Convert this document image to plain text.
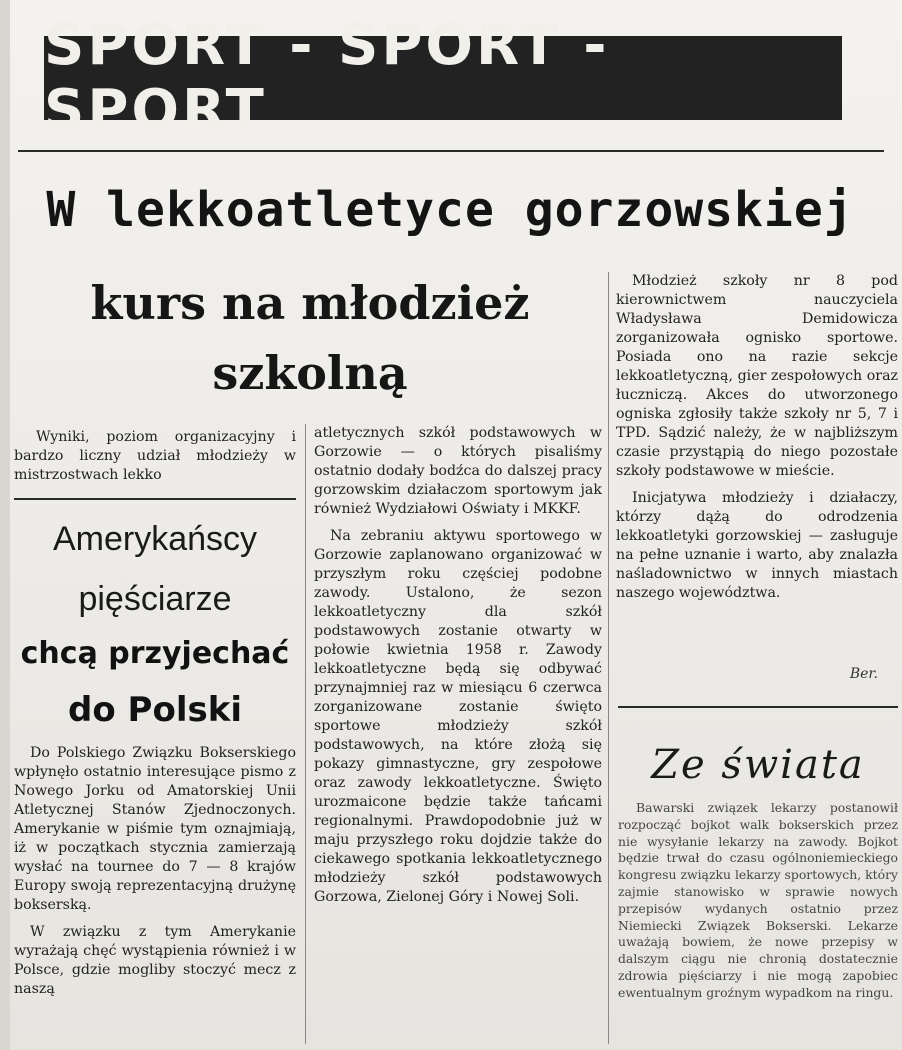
SPORT - SPORT - SPORT
W lekkoatletyce gorzowskiej
kurs na młodzież
szkolną

Wyniki, poziom organizacyjny i bardzo liczny udział młodzieży w mistrzostwach lekko

Amerykańscy
pięściarze
chcą przyjechać
do Polski

Do Polskiego Związku Bokserskiego wpłynęło ostatnio interesujące pismo z Nowego Jorku od Amatorskiej Unii Atletycznej Stanów Zjednoczonych. Amerykanie w piśmie tym oznajmiają, iż w początkach stycznia zamierzają wysłać na tournee do 7 — 8 krajów Europy swoją reprezentacyjną drużynę bokserską.

W związku z tym Amerykanie wyrażają chęć wystąpienia również i w Polsce, gdzie mogliby stoczyć mecz z naszą

atletycznych szkół podstawowych w Gorzowie — o których pisaliśmy ostatnio dodały bodźca do dalszej pracy gorzowskim działaczom sportowym jak również Wydziałowi Oświaty i MKKF.

Na zebraniu aktywu sportowego w Gorzowie zaplanowano organizować w przyszłym roku częściej podobne zawody. Ustalono, że sezon lekkoatletyczny dla szkół podstawowych zostanie otwarty w połowie kwietnia 1958 r. Zawody lekkoatletyczne będą się odbywać przynajmniej raz w miesiącu 6 czerwca zorganizowane zostanie święto sportowe młodzieży szkół podstawowych, na które złożą się pokazy gimnastyczne, gry zespołowe oraz zawody lekkoatletyczne. Święto urozmaicone będzie także tańcami regionalnymi. Prawdopodobnie już w maju przyszłego roku dojdzie także do ciekawego spotkania lekkoatletycznego młodzieży szkół podstawowych Gorzowa, Zielonej Góry i Nowej Soli.

Młodzież szkoły nr 8 pod kierownictwem nauczyciela Władysława Demidowicza zorganizowała ognisko sportowe. Posiada ono na razie sekcje lekkoatletyczną, gier zespołowych oraz łuczniczą. Akces do utworzonego ogniska zgłosiły także szkoły nr 5, 7 i TPD. Sądzić należy, że w najbliższym czasie przystąpią do niego pozostałe szkoły podstawowe w mieście.

Inicjatywa młodzieży i działaczy, którzy dążą do odrodzenia lekkoatletyki gorzowskiej — zasługuje na pełne uznanie i warto, aby znalazła naśladownictwo w innych miastach naszego województwa.

Ber.
Ze świata

Bawarski związek lekarzy postanowił rozpocząć bojkot walk bokserskich przez nie wysyłanie lekarzy na zawody. Bojkot będzie trwał do czasu ogólnoniemieckiego kongresu związku lekarzy sportowych, który zajmie stanowisko w sprawie nowych przepisów wydanych ostatnio przez Niemiecki Związek Bokserski. Lekarze uważają bowiem, że nowe przepisy w dalszym ciągu nie chronią dostatecznie zdrowia pięściarzy i nie mogą zapobiec ewentualnym groźnym wypadkom na ringu.
